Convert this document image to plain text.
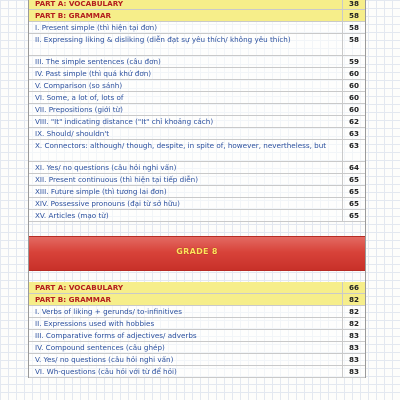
PART A: VOCABULARY	38
PART B: GRAMMAR	58
I. Present simple (thì hiện tại đơn)	58
II. Expressing liking & disliking (diễn đạt sự yêu thích/ không yêu thích)	58
III. The simple sentences (câu đơn)	59
IV. Past simple (thì quá khứ đơn)	60
V. Comparison (so sánh)	60
VI. Some, a lot of, lots of	60
VII. Prepositions (giới từ)	60
VIII. "It" indicating distance ("It" chỉ khoảng cách)	62
IX. Should/ shouldn't	63
X. Connectors: although/ though, despite, in spite of, however, nevertheless, but	63
XI. Yes/ no questions (câu hỏi nghi vấn)	64
XII. Present continuous (thì hiện tại tiếp diễn)	65
XIII. Future simple (thì tương lai đơn)	65
XIV. Possessive pronouns (đại từ sở hữu)	65
XV. Articles (mạo từ)	65
GRADE 8
PART A: VOCABULARY	66
PART B: GRAMMAR	82
I. Verbs of liking + gerunds/ to-infinitives	82
II. Expressions used with hobbies	82
III. Comparative forms of adjectives/ adverbs	83
IV. Compound sentences (câu ghép)	83
V. Yes/ no questions (câu hỏi nghi vấn)	83
VI. Wh-questions (câu hỏi với từ để hỏi)	83
